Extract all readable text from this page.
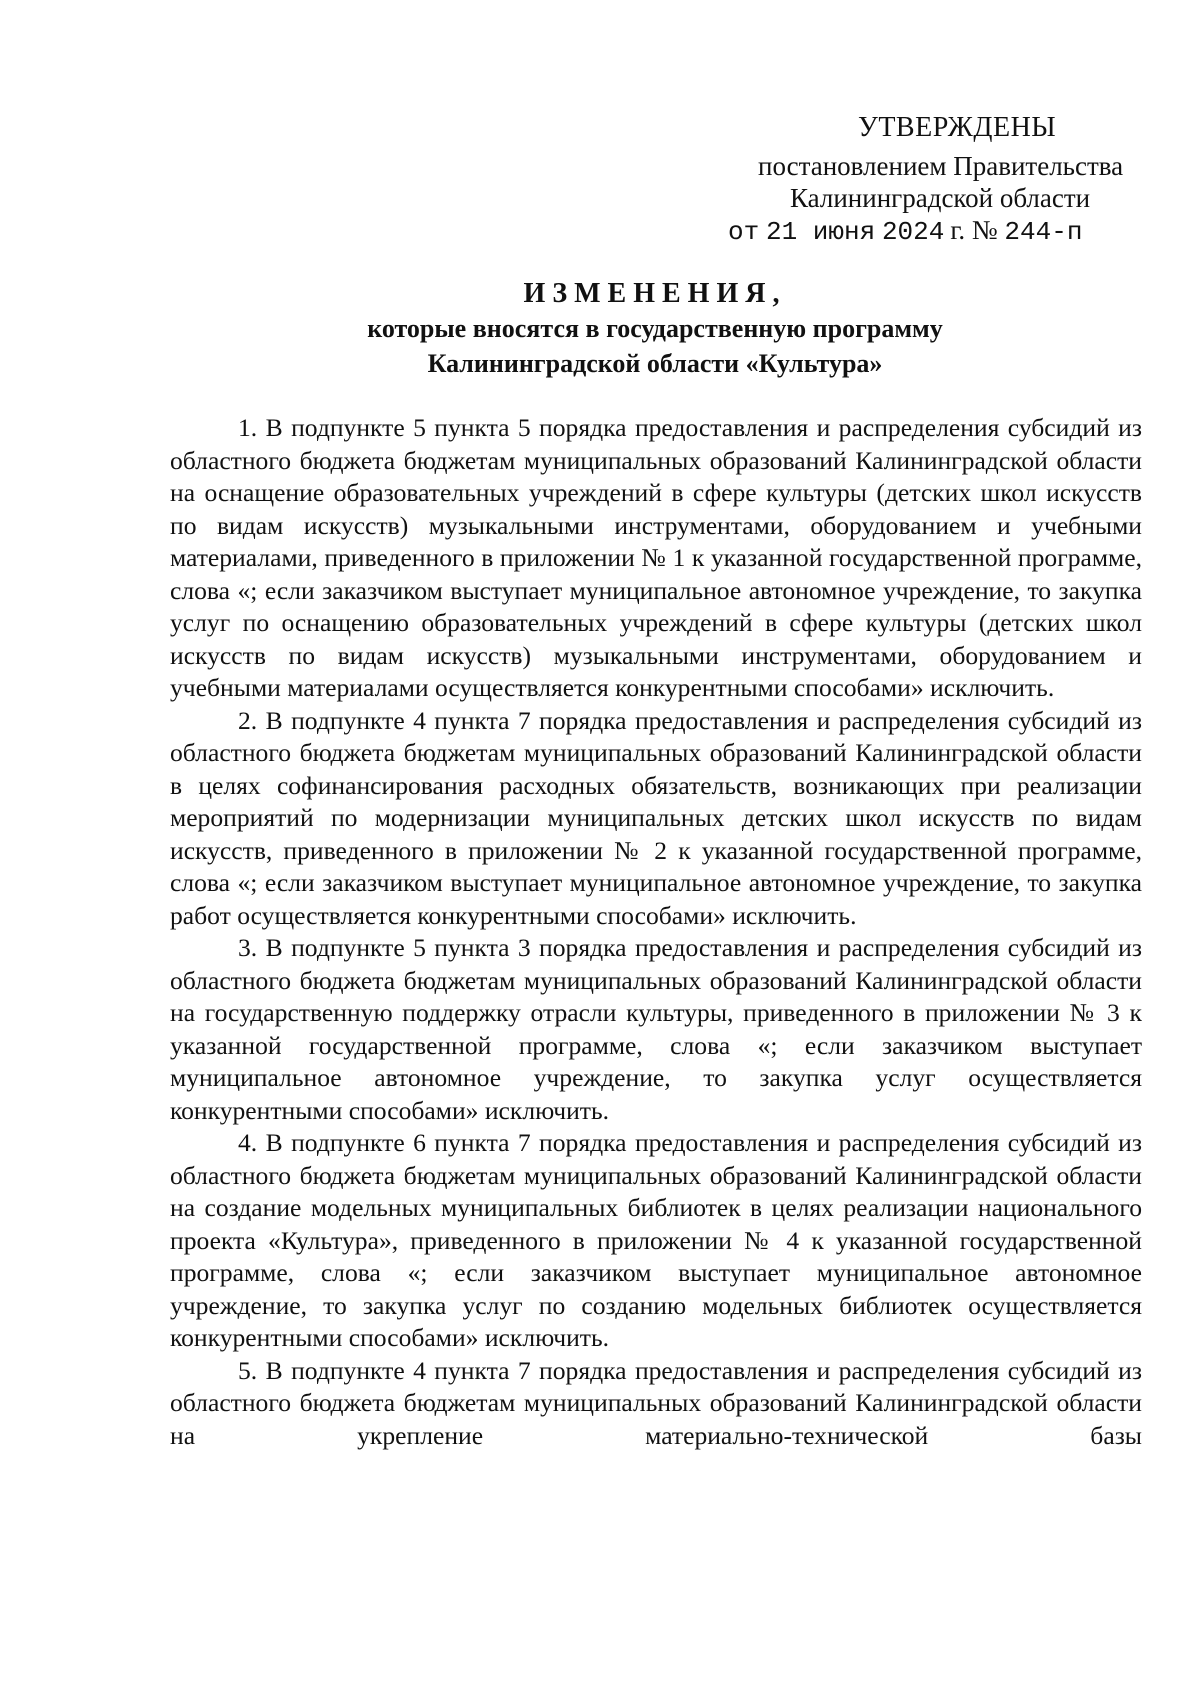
УТВЕРЖДЕНЫ
постановлением Правительства
Калининградской области
от 21 июня 2024 г. № 244-п
ИЗМЕНЕНИЯ,
которые вносятся в государственную программу
Калининградской области «Культура»

1. В подпункте 5 пункта 5 порядка предоставления и распределения субсидий из областного бюджета бюджетам муниципальных образований Калининградской области на оснащение образовательных учреждений в сфере культуры (детских школ искусств по видам искусств) музыкальными инструментами, оборудованием и учебными материалами, приведенного в приложении № 1 к указанной государственной программе, слова «; если заказчиком выступает муниципальное автономное учреждение, то закупка услуг по оснащению образовательных учреждений в сфере культуры (детских школ искусств по видам искусств) музыкальными инструментами, оборудованием и учебными материалами осуществляется конкурентными способами» исключить.

2. В подпункте 4 пункта 7 порядка предоставления и распределения субсидий из областного бюджета бюджетам муниципальных образований Калининградской области в целях софинансирования расходных обязательств, возникающих при реализации мероприятий по модернизации муниципальных детских школ искусств по видам искусств, приведенного в приложении № 2 к указанной государственной программе, слова «; если заказчиком выступает муниципальное автономное учреждение, то закупка работ осуществляется конкурентными способами» исключить.

3. В подпункте 5 пункта 3 порядка предоставления и распределения субсидий из областного бюджета бюджетам муниципальных образований Калининградской области на государственную поддержку отрасли культуры, приведенного в приложении № 3 к указанной государственной программе, слова «; если заказчиком выступает муниципальное автономное учреждение, то закупка услуг осуществляется конкурентными способами» исключить.

4. В подпункте 6 пункта 7 порядка предоставления и распределения субсидий из областного бюджета бюджетам муниципальных образований Калининградской области на создание модельных муниципальных библиотек в целях реализации национального проекта «Культура», приведенного в приложении № 4 к указанной государственной программе, слова «; если заказчиком выступает муниципальное автономное учреждение, то закупка услуг по созданию модельных библиотек осуществляется конкурентными способами» исключить.

5. В подпункте 4 пункта 7 порядка предоставления и распределения субсидий из областного бюджета бюджетам муниципальных образований Калининградской области на укрепление материально-технической базы
